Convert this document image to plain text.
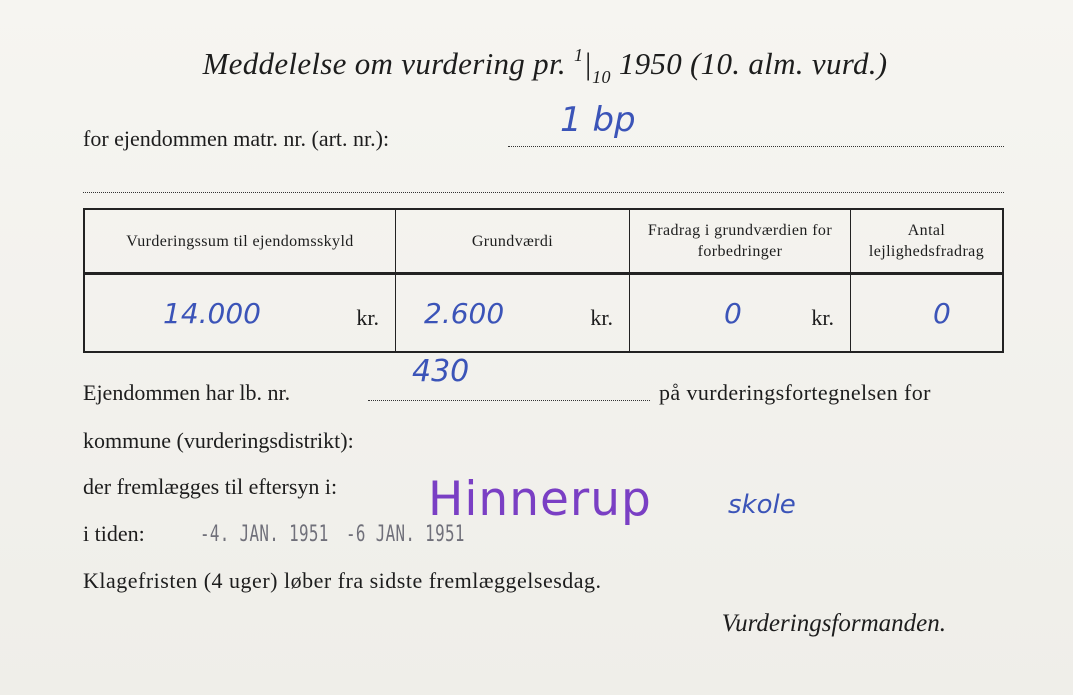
Meddelelse om vurdering pr. $^1|_{10}$ 1950 (10. alm. vurd.)
for ejendommen matr. nr. (art. nr.):	1 bp
Vurderingssum til ejendomsskyld	Grundværdi	Fradrag i grundværdien for forbedringer	Antal lejlighedsfradrag

14.000 kr.	2.600 kr.	0 kr.	0
Ejendommen har lb. nr.
430
på vurderingsfortegnelsen for
kommune (vurderingsdistrikt):
der fremlægges til eftersyn i: Hinnerup	skole
i tiden:	-4. JAN. 1951 -6 JAN. 1951
Klagefristen (4 uger) løber fra sidste fremlæggelsesdag.
Vurderingsformanden.
